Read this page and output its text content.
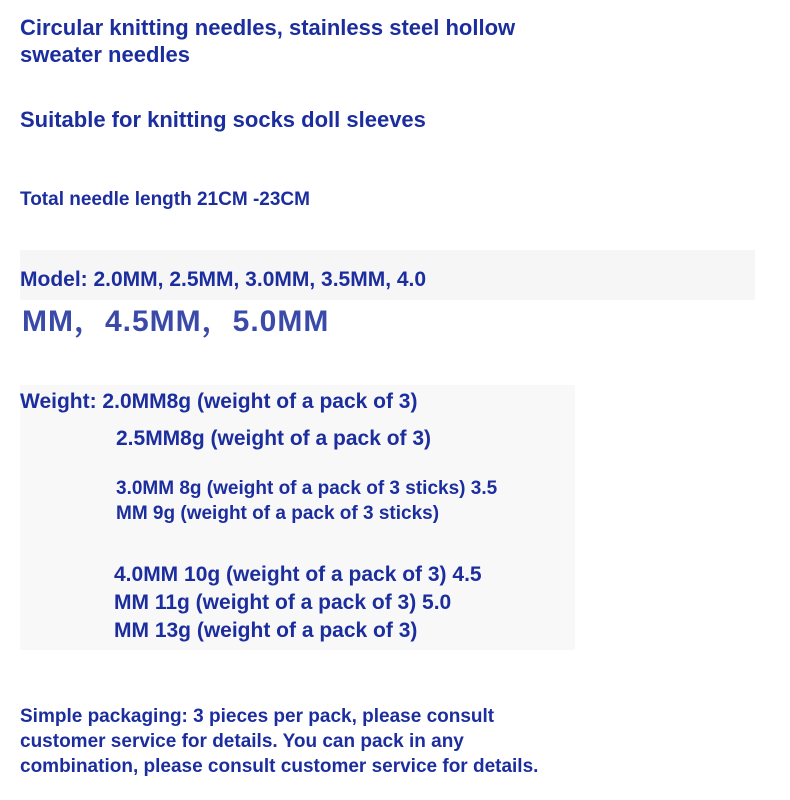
Circular knitting needles, stainless steel hollow
sweater needles
Suitable for knitting socks doll sleeves
Total needle length 21CM -23CM
Model: 2.0MM, 2.5MM, 3.0MM, 3.5MM, 4.0
MM，4.5MM，5.0MM
Weight: 2.0MM8g (weight of a pack of 3)
2.5MM8g (weight of a pack of 3)
3.0MM 8g (weight of a pack of 3 sticks) 3.5
MM 9g (weight of a pack of 3 sticks)
4.0MM 10g (weight of a pack of 3) 4.5
MM 11g (weight of a pack of 3) 5.0
MM 13g (weight of a pack of 3)
Simple packaging: 3 pieces per pack, please consult
customer service for details. You can pack in any
combination, please consult customer service for details.
